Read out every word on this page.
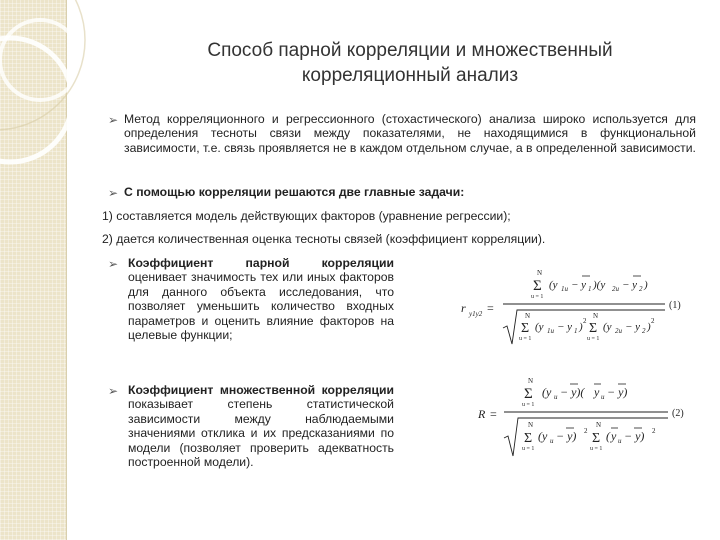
Способ парной корреляции и множественный
корреляционный анализ
➢ Метод корреляционного и регрессионного (стохастического) анализа широко используется для определения тесноты связи между показателями, не находящимися в функциональной зависимости, т.е. связь проявляется не в каждом отдельном случае, а в определенной зависимости.
➢ С помощью корреляции решаются две главные задачи:
1) составляется модель действующих факторов (уравнение регрессии);
2) дается количественная оценка тесноты связей (коэффициент корреляции).
➢ Коэффициент парной корреляции оценивает значимость тех или иных факторов для данного объекта исследования, что позволяет уменьшить количество входных параметров и оценить влияние факторов на целевые функции;
➢ Коэффициент множественной корреляции показывает степень статистической зависимости между наблюдаемыми значениями отклика и их предсказаниями по модели (позволяет проверить адекватность построенной модели).
r y1y2 =
N
Σ
u = 1
(y 1u − y 1 )(y 2u − y 2 )
(1)
N
Σ
u = 1
(y 1u − y 1 ) 2
N
Σ
u = 1
(y 2u − y 2 ) 2
R =
N
Σ
u = 1
(y u − y)( y u − y)
(2)
N
Σ
u = 1
(y u − y) 2
N
Σ
u = 1
( y u − y) 2
